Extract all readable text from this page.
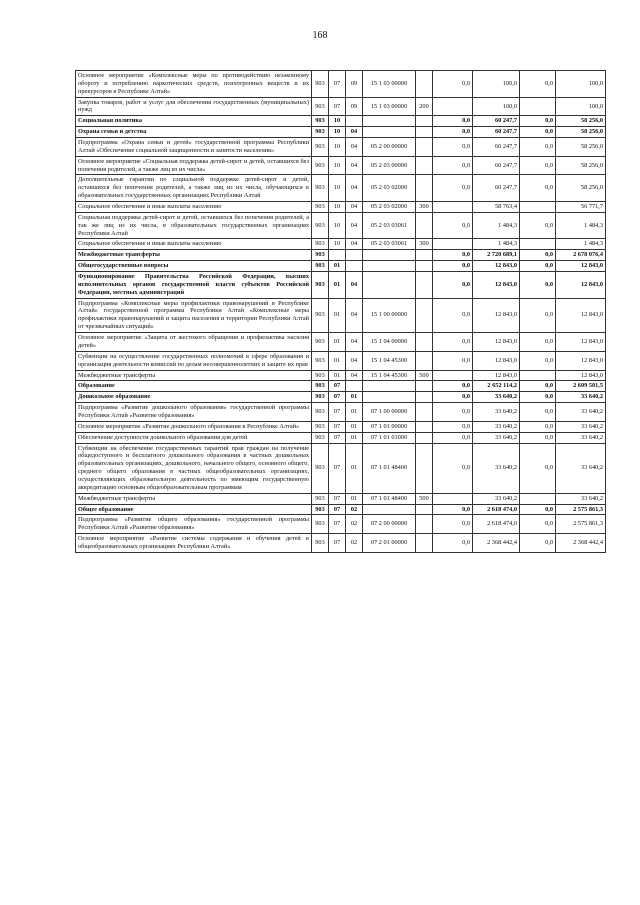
168
Основное мероприятие «Комплексные меры по противодействию незаконному обороту и потреблению наркотических средств, психотропных веществ и их прекурсоров в Республике Алтай»	903	07	09	15 1 03 00000		0,0	100,0	0,0	100,0
Закупка товаров, работ и услуг для обеспечения государственных (муниципальных) нужд	903	07	09	15 1 03 00000	200		100,0		100,0
Социальная политика	903	10				0,0	60 247,7	0,0	58 256,0
Охрана семьи и детства	903	10	04			0,0	60 247,7	0,0	58 256,0
Подпрограмма «Охрана семьи и детей» государственной программы Республики Алтай «Обеспечение социальной защищенности и занятости населения»	903	10	04	05 2 00 00000		0,0	60 247,7	0,0	58 256,0
Основное мероприятие «Социальная поддержка детей-сирот и детей, оставшихся без попечения родителей, а также лиц из их числа»	903	10	04	05 2 03 00000		0,0	60 247,7	0,0	58 256,0
Дополнительные гарантии по социальной поддержке детей-сирот и детей, оставшихся без попечения родителей, а также лиц из их числа, обучающихся в образовательных государственных организациях Республики Алтай	903	10	04	05 2 03 02000		0,0	60 247,7	0,0	58 256,0
Социальное обеспечение и иные выплаты населению	903	10	04	05 2 03 02000	300		58 763,4		56 771,7
Социальная поддержка детей-сирот и детей, оставшихся без попечения родителей, а так же лиц из их числа, в образовательных государственных организациях Республики Алтай	903	10	04	05 2 03 03061		0,0	1 484,3	0,0	1 484,3
Социальное обеспечение и иные выплаты населению	903	10	04	05 2 03 03061	300		1 484,3		1 484,3
Межбюджетные трансферты	903					0,0	2 720 689,1	0,0	2 678 076,4
Общегосударственные вопросы	903	01				0,0	12 843,0	0,0	12 843,0
Функционирование Правительства Российской Федерации, высших исполнительных органов государственной власти субъектов Российской Федерации, местных администраций	903	01	04			0,0	12 843,0	0,0	12 843,0
Подпрограмма «Комплексные меры профилактики правонарушений в Республике Алтай» государственной программы Республики Алтай «Комплексные меры профилактики правонарушений и защита населения и территории Республики Алтай от чрезвычайных ситуаций»	903	01	04	15 1 00 00000		0,0	12 843,0	0,0	12 843,0
Основное мероприятие «Защита от жестокого обращения и профилактика насилия детей»	903	01	04	15 1 04 00000		0,0	12 843,0	0,0	12 843,0
Субвенции на осуществление государственных полномочий в сфере образования и организация деятельности комиссий по делам несовершеннолетних и защите их прав	903	01	04	15 1 04 45300		0,0	12 843,0	0,0	12 843,0
Межбюджетные трансферты	903	01	04	15 1 04 45300	500		12 843,0		12 843,0
Образование	903	07				0,0	2 652 114,2	0,0	2 609 501,5
Дошкольное образование	903	07	01			0,0	33 640,2	0,0	33 640,2
Подпрограмма «Развитие дошкольного образования» государственной программы Республики Алтай «Развитие образования»	903	07	01	07 1 00 00000		0,0	33 640,2	0,0	33 640,2
Основное мероприятие «Развитие дошкольного образования в Республике Алтай»	903	07	01	07 1 01 00000		0,0	33 640,2	0,0	33 640,2
Обеспечение доступности дошкольного образования для детей	903	07	01	07 1 01 01000		0,0	33 640,2	0,0	33 640,2
Субвенции на обеспечение государственных гарантий прав граждан на получение общедоступного и бесплатного дошкольного образования в частных дошкольных образовательных организациях, дошкольного, начального общего, основного общего, среднего общего образования в частных общеобразовательных организациях, осуществляющих образовательную деятельность по имеющим государственную аккредитацию основным общеобразовательным программам	903	07	01	07 1 01 48400		0,0	33 640,2	0,0	33 640,2
Межбюджетные трансферты	903	07	01	07 1 01 48400	500		33 640,2		33 640,2
Общее образование	903	07	02			0,0	2 618 474,0	0,0	2 575 861,3
Подпрограмма «Развитие общего образования» государственной программы Республики Алтай «Развитие образования»	903	07	02	07 2 00 00000		0,0	2 618 474,0	0,0	2 575 861,3
Основное мероприятие «Развитие системы содержания и обучения детей в общеобразовательных организациях Республики Алтай»	903	07	02	07 2 01 00000		0,0	2 368 442,4	0,0	2 368 442,4
